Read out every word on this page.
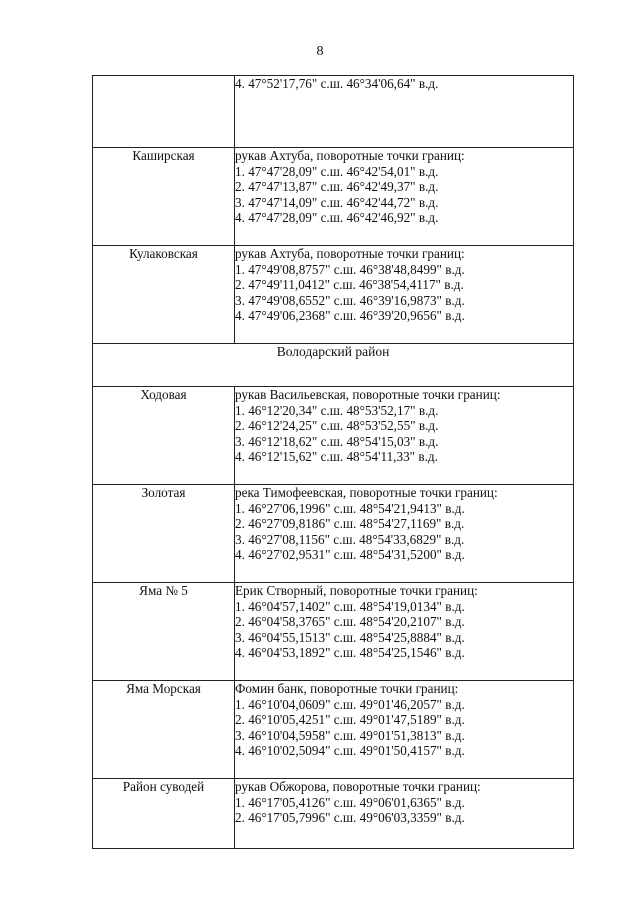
8

	4. 47°52'17,76" с.ш. 46°34'06,64" в.д.

Каширская	рукав Ахтуба, поворотные точки границ:
1. 47°47'28,09" с.ш. 46°42'54,01" в.д.
2. 47°47'13,87" с.ш. 46°42'49,37" в.д.
3. 47°47'14,09" с.ш. 46°42'44,72" в.д.
4. 47°47'28,09" с.ш. 46°42'46,92" в.д.

Кулаковская	рукав Ахтуба, поворотные точки границ:
1. 47°49'08,8757" с.ш. 46°38'48,8499" в.д.
2. 47°49'11,0412" с.ш. 46°38'54,4117" в.д.
3. 47°49'08,6552" с.ш. 46°39'16,9873" в.д.
4. 47°49'06,2368" с.ш. 46°39'20,9656" в.д.

Володарский район	
Ходовая	рукав Васильевская, поворотные точки границ:
1. 46°12'20,34" с.ш. 48°53'52,17" в.д.
2. 46°12'24,25" с.ш. 48°53'52,55" в.д.
3. 46°12'18,62" с.ш. 48°54'15,03" в.д.
4. 46°12'15,62" с.ш. 48°54'11,33" в.д.

Золотая	река Тимофеевская, поворотные точки границ:
1. 46°27'06,1996" с.ш. 48°54'21,9413" в.д.
2. 46°27'09,8186" с.ш. 48°54'27,1169" в.д.
3. 46°27'08,1156" с.ш. 48°54'33,6829" в.д.
4. 46°27'02,9531" с.ш. 48°54'31,5200" в.д.

Яма № 5	Ерик Створный, поворотные точки границ:
1. 46°04'57,1402" с.ш. 48°54'19,0134" в.д.
2. 46°04'58,3765" с.ш. 48°54'20,2107" в.д.
3. 46°04'55,1513" с.ш. 48°54'25,8884" в.д.
4. 46°04'53,1892" с.ш. 48°54'25,1546" в.д.

Яма Морская	Фомин банк, поворотные точки границ:
1. 46°10'04,0609" с.ш. 49°01'46,2057" в.д.
2. 46°10'05,4251" с.ш. 49°01'47,5189" в.д.
3. 46°10'04,5958" с.ш. 49°01'51,3813" в.д.
4. 46°10'02,5094" с.ш. 49°01'50,4157" в.д.

Район суводей	рукав Обжорова, поворотные точки границ:
1. 46°17'05,4126" с.ш. 49°06'01,6365" в.д.
2. 46°17'05,7996" с.ш. 49°06'03,3359" в.д.
